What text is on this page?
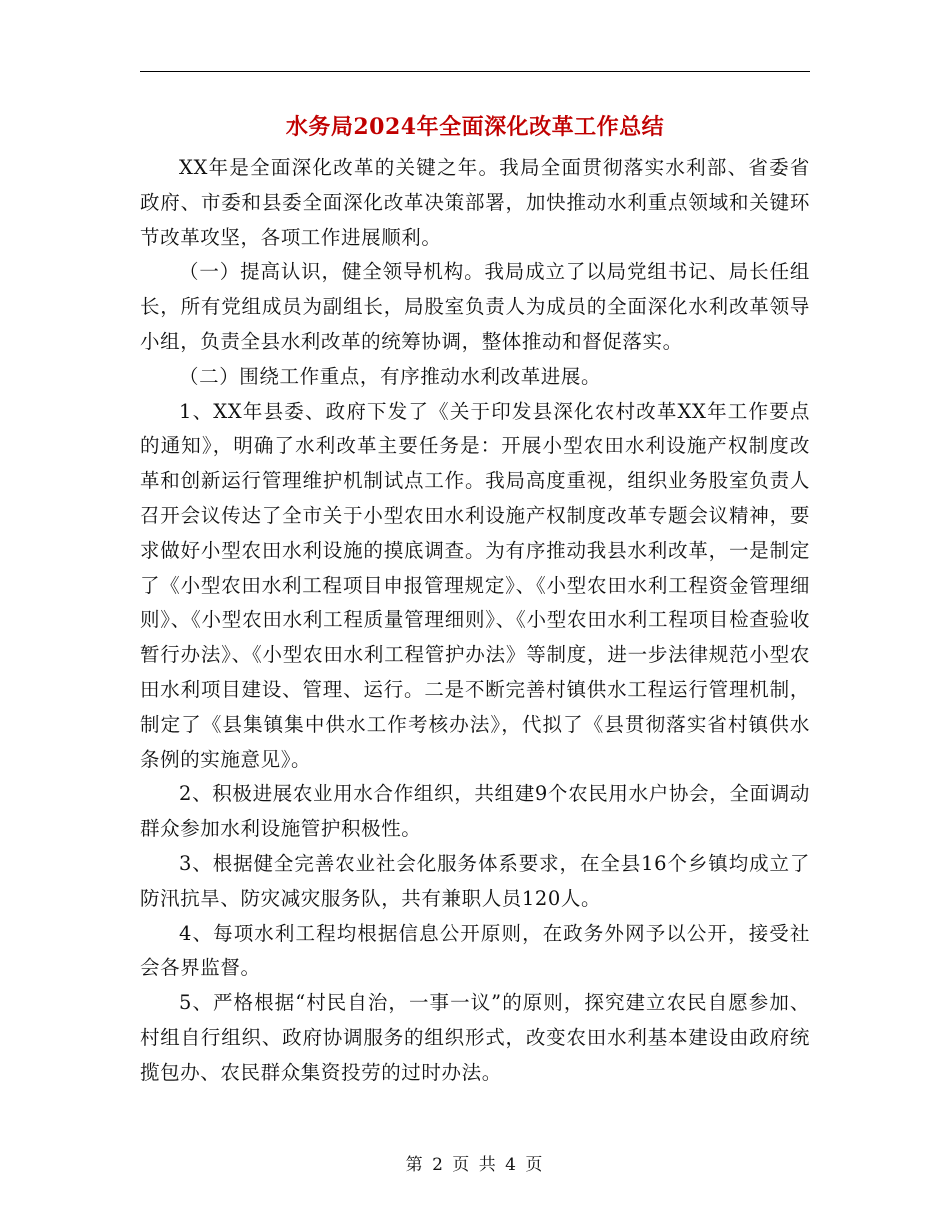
水务局2024年全面深化改革工作总结

XX年是全面深化改革的关键之年。我局全面贯彻落实水利部、省委省政府、市委和县委全面深化改革决策部署，加快推动水利重点领域和关键环节改革攻坚，各项工作进展顺利。

（一）提高认识，健全领导机构。我局成立了以局党组书记、局长任组长，所有党组成员为副组长，局股室负责人为成员的全面深化水利改革领导小组，负责全县水利改革的统筹协调，整体推动和督促落实。

（二）围绕工作重点，有序推动水利改革进展。

1、XX年县委、政府下发了《关于印发县深化农村改革XX年工作要点的通知》，明确了水利改革主要任务是：开展小型农田水利设施产权制度改革和创新运行管理维护机制试点工作。我局高度重视，组织业务股室负责人召开会议传达了全市关于小型农田水利设施产权制度改革专题会议精神，要求做好小型农田水利设施的摸底调查。为有序推动我县水利改革，一是制定了《小型农田水利工程项目申报管理规定》、《小型农田水利工程资金管理细则》、《小型农田水利工程质量管理细则》、《小型农田水利工程项目检查验收暂行办法》、《小型农田水利工程管护办法》等制度，进一步法律规范小型农田水利项目建设、管理、运行。二是不断完善村镇供水工程运行管理机制，制定了《县集镇集中供水工作考核办法》，代拟了《县贯彻落实省村镇供水条例的实施意见》。

2、积极进展农业用水合作组织，共组建9个农民用水户协会，全面调动群众参加水利设施管护积极性。

3、根据健全完善农业社会化服务体系要求，在全县16个乡镇均成立了防汛抗旱、防灾减灾服务队，共有兼职人员120人。

4、每项水利工程均根据信息公开原则，在政务外网予以公开，接受社会各界监督。

5、严格根据“村民自治，一事一议”的原则，探究建立农民自愿参加、村组自行组织、政府协调服务的组织形式，改变农田水利基本建设由政府统揽包办、农民群众集资投劳的过时办法。

第 2 页 共 4 页
